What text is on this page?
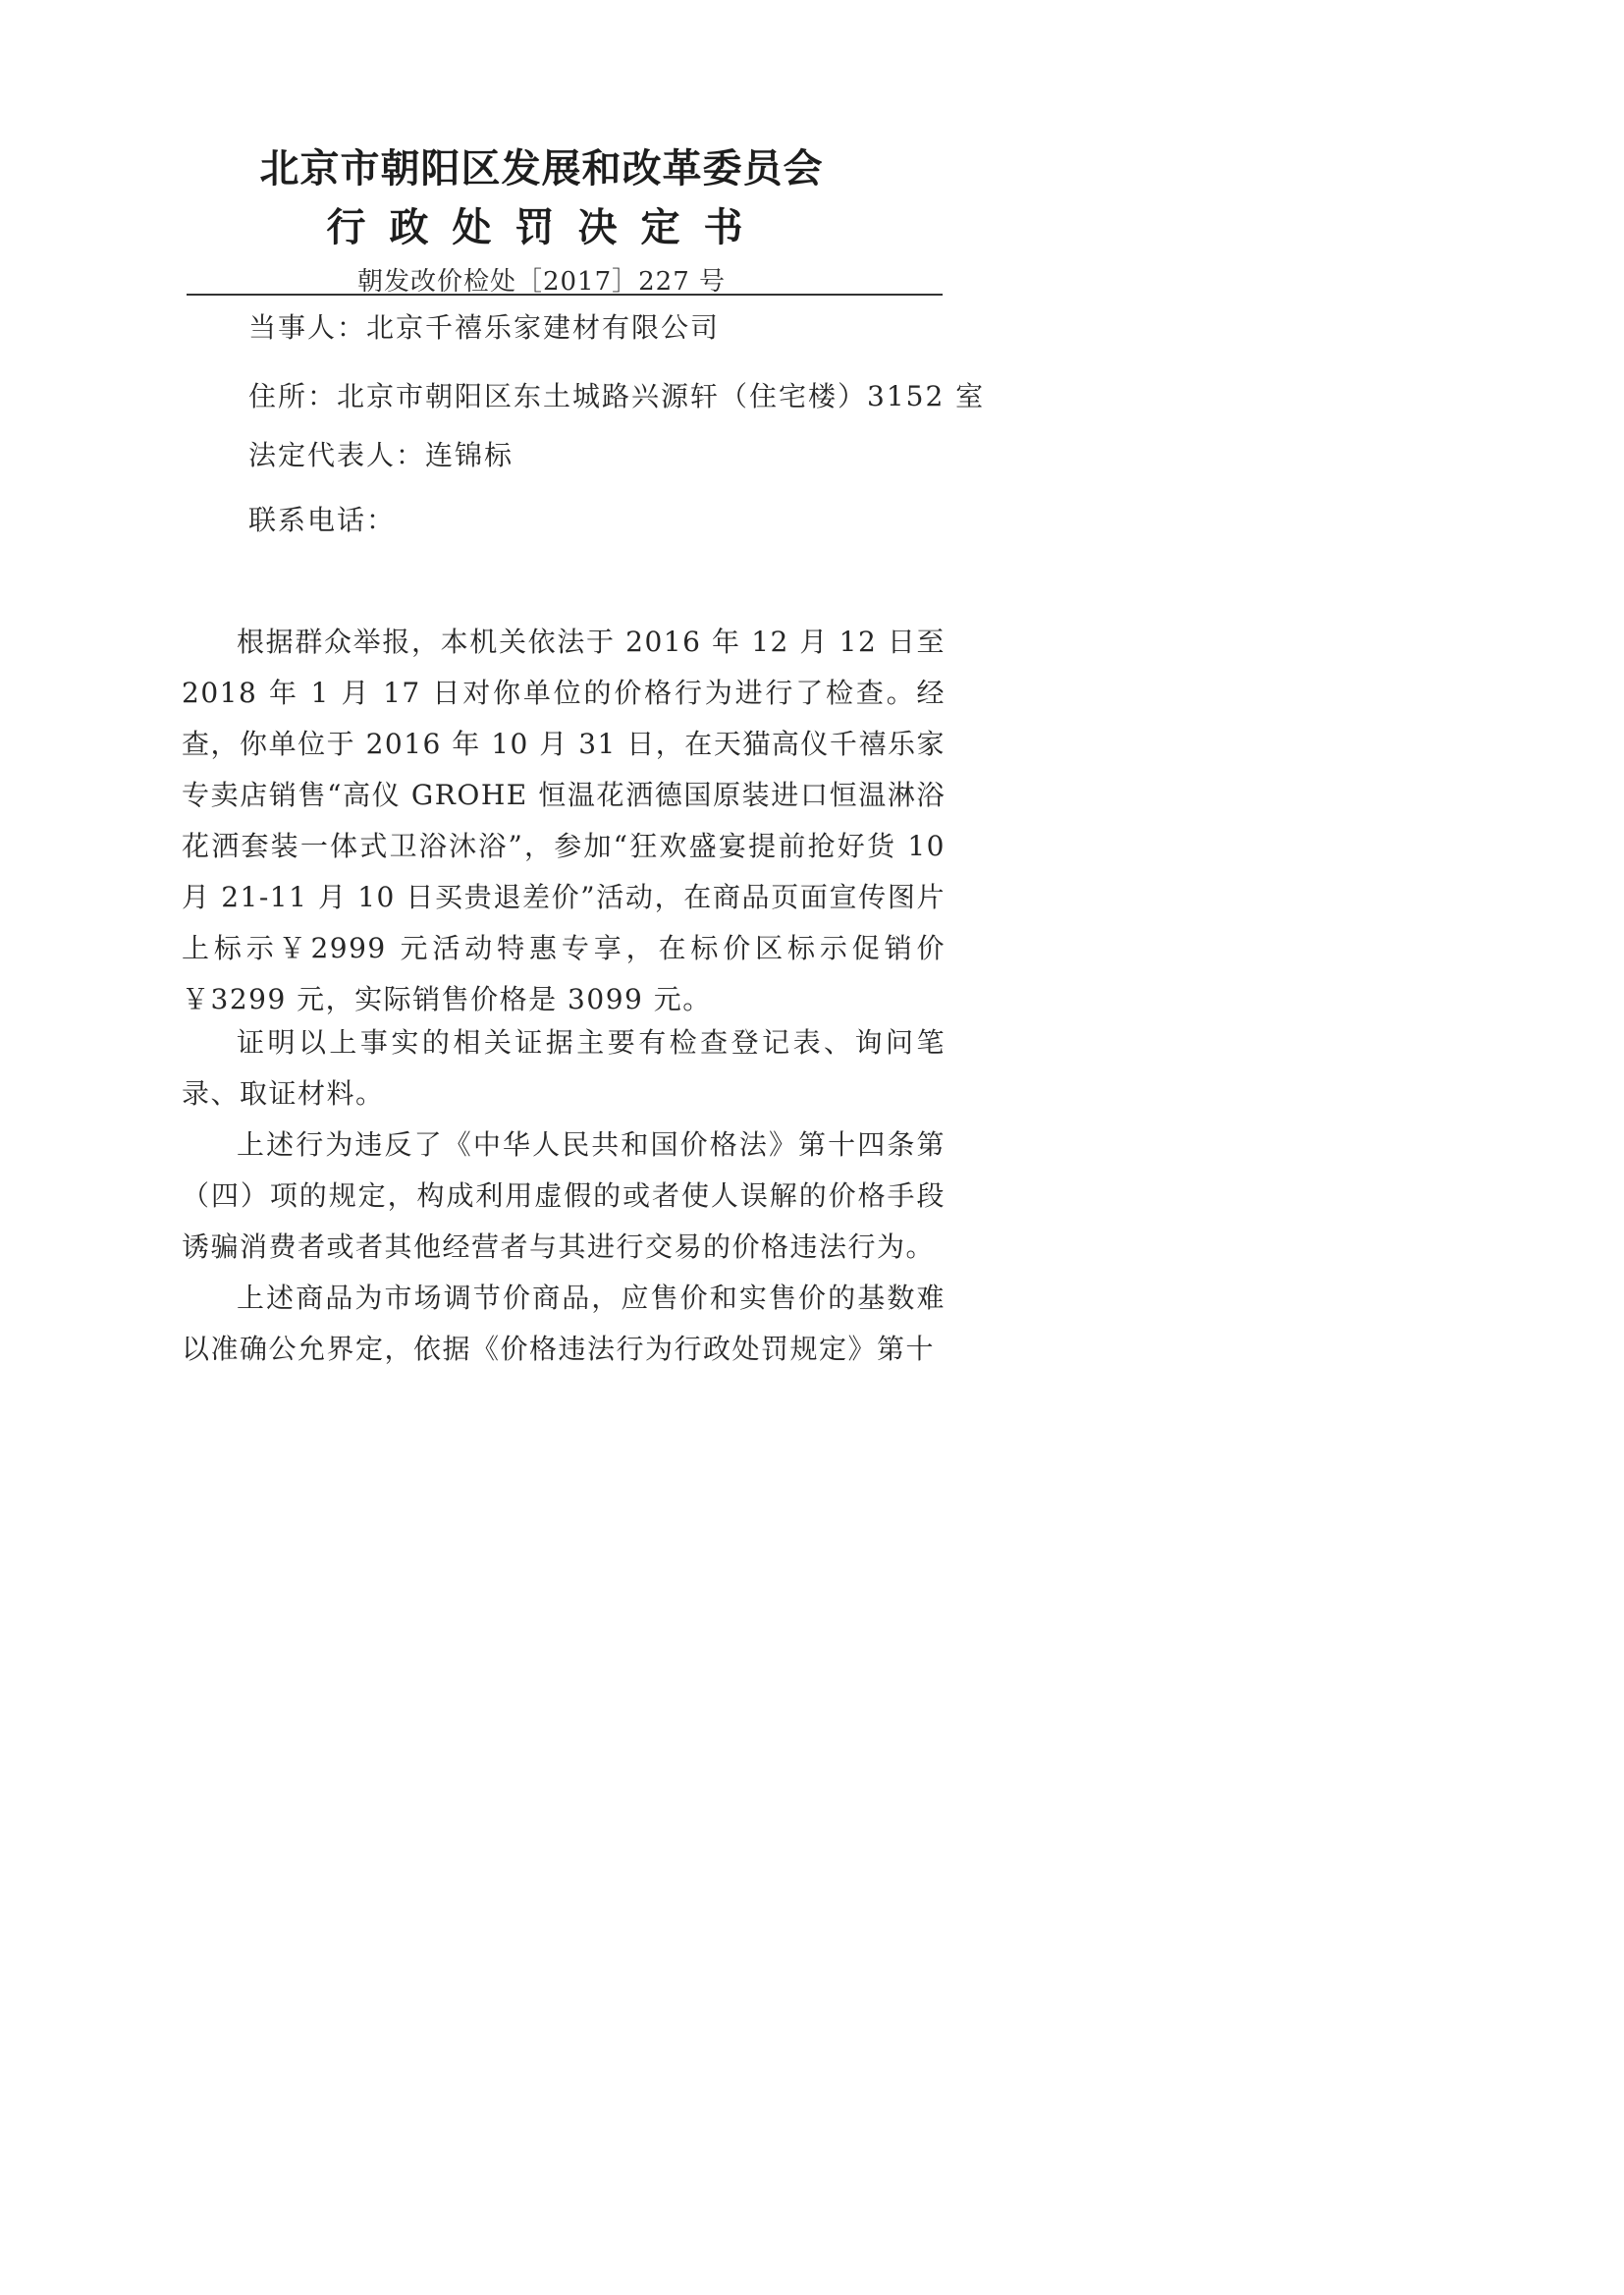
北京市朝阳区发展和改革委员会
行政处罚决定书
朝发改价检处［2017］227 号
当事人：北京千禧乐家建材有限公司
住所：北京市朝阳区东土城路兴源轩（住宅楼）3152 室
法定代表人：连锦标
联系电话：
根据群众举报，本机关依法于 2016 年 12 月 12 日至 2018 年 1 月 17 日对你单位的价格行为进行了检查。经查，你单位于 2016 年 10 月 31 日，在天猫高仪千禧乐家专卖店销售“高仪 GROHE 恒温花洒德国原装进口恒温淋浴花洒套装一体式卫浴沐浴”，参加“狂欢盛宴提前抢好货 10 月 21-11 月 10 日买贵退差价”活动，在商品页面宣传图片上标示￥2999 元活动特惠专享，在标价区标示促销价￥3299 元，实际销售价格是 3099 元。
证明以上事实的相关证据主要有检查登记表、询问笔录、取证材料。
上述行为违反了《中华人民共和国价格法》第十四条第（四）项的规定，构成利用虚假的或者使人误解的价格手段诱骗消费者或者其他经营者与其进行交易的价格违法行为。
上述商品为市场调节价商品，应售价和实售价的基数难以准确公允界定，依据《价格违法行为行政处罚规定》第十
